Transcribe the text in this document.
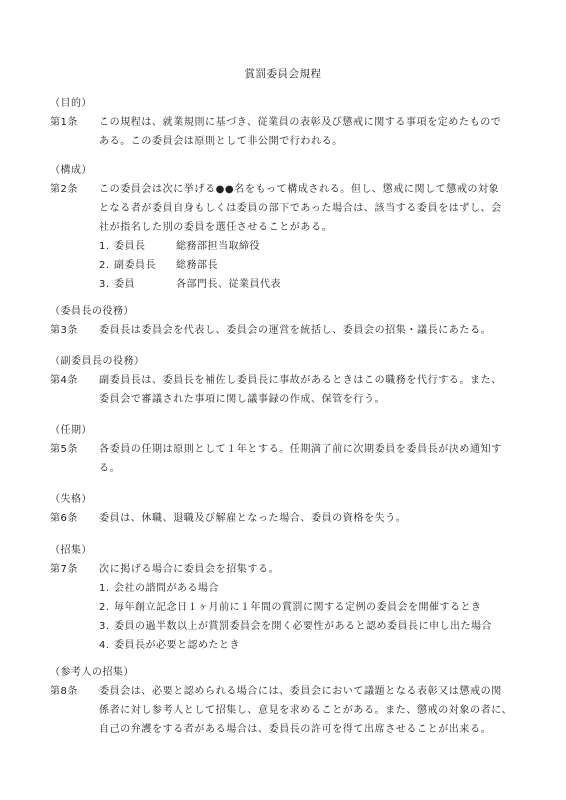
賞罰委員会規程
（目的）
第1条	この規程は、就業規則に基づき、従業員の表彰及び懲戒に関する事項を定めたもので

ある。この委員会は原則として非公開で行われる。

（構成）
第2条	この委員会は次に挙げる●●名をもって構成される。但し、懲戒に関して懲戒の対象

となる者が委員自身もしくは委員の部下であった場合は、該当する委員をはずし、会

社が指名した別の委員を選任させることがある。

1. 委員長	総務部担当取締役
2. 副委員長	総務部長
3. 委員	各部門長、従業員代表
（委員長の役務）
第3条	委員長は委員会を代表し、委員会の運営を統括し、委員会の招集・議長にあたる。

（副委員長の役務）
第4条	副委員長は、委員長を補佐し委員長に事故があるときはこの職務を代行する。また、

委員会で審議された事項に関し議事録の作成、保管を行う。

（任期）
第5条	各委員の任期は原則として１年とする。任期満了前に次期委員を委員長が決め通知す

る。

（失格）
第6条	委員は、休職、退職及び解雇となった場合、委員の資格を失う。

（招集）
第7条	次に掲げる場合に委員会を招集する。

1. 会社の諮問がある場合
2. 毎年創立記念日１ヶ月前に１年間の賞罰に関する定例の委員会を開催するとき
3. 委員の過半数以上が賞罰委員会を開く必要性があると認め委員長に申し出た場合
4. 委員長が必要と認めたとき
（参考人の招集）
第8条	委員会は、必要と認められる場合には、委員会において議題となる表彰又は懲戒の関

係者に対し参考人として招集し、意見を求めることがある。また、懲戒の対象の者に、

自己の弁護をする者がある場合は、委員長の許可を得て出席させることが出来る。
